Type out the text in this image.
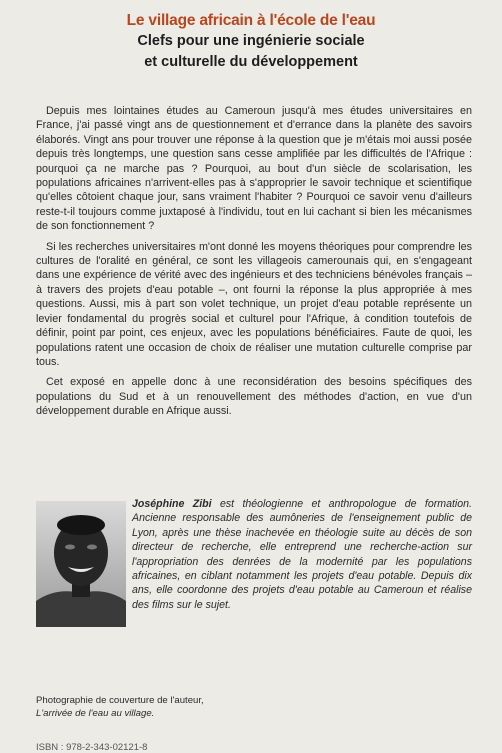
Le village africain à l'école de l'eau
Clefs pour une ingénierie sociale
et culturelle du développement

Depuis mes lointaines études au Cameroun jusqu'à mes études universitaires en France, j'ai passé vingt ans de questionnement et d'errance dans la planète des savoirs élaborés. Vingt ans pour trouver une réponse à la question que je m'étais moi aussi posée depuis très longtemps, une question sans cesse amplifiée par les difficultés de l'Afrique : pourquoi ça ne marche pas ? Pourquoi, au bout d'un siècle de scolarisation, les populations africaines n'arrivent-elles pas à s'approprier le savoir technique et scientifique qu'elles côtoient chaque jour, sans vraiment l'habiter ? Pourquoi ce savoir venu d'ailleurs reste-t-il toujours comme juxtaposé à l'individu, tout en lui cachant si bien les mécanismes de son fonctionnement ?

Si les recherches universitaires m'ont donné les moyens théoriques pour comprendre les cultures de l'oralité en général, ce sont les villageois camerounais qui, en s'engageant dans une expérience de vérité avec des ingénieurs et des techniciens bénévoles français – à travers des projets d'eau potable –, ont fourni la réponse la plus appropriée à mes questions. Aussi, mis à part son volet technique, un projet d'eau potable représente un levier fondamental du progrès social et culturel pour l'Afrique, à condition toutefois de définir, point par point, ces enjeux, avec les populations bénéficiaires. Faute de quoi, les populations ratent une occasion de choix de réaliser une mutation culturelle comprise par tous.

Cet exposé en appelle donc à une reconsidération des besoins spécifiques des populations du Sud et à un renouvellement des méthodes d'action, en vue d'un développement durable en Afrique aussi.

Joséphine Zibi est théologienne et anthropologue de formation. Ancienne responsable des aumôneries de l'enseignement public de Lyon, après une thèse inachevée en théologie suite au décès de son directeur de recherche, elle entreprend une recherche-action sur l'appropriation des denrées de la modernité par les populations africaines, en ciblant notamment les projets d'eau potable. Depuis dix ans, elle coordonne des projets d'eau potable au Cameroun et réalise des films sur le sujet.
Photographie de couverture de l'auteur,
L'arrivée de l'eau au village.
ISBN : 978-2-343-02121-8
